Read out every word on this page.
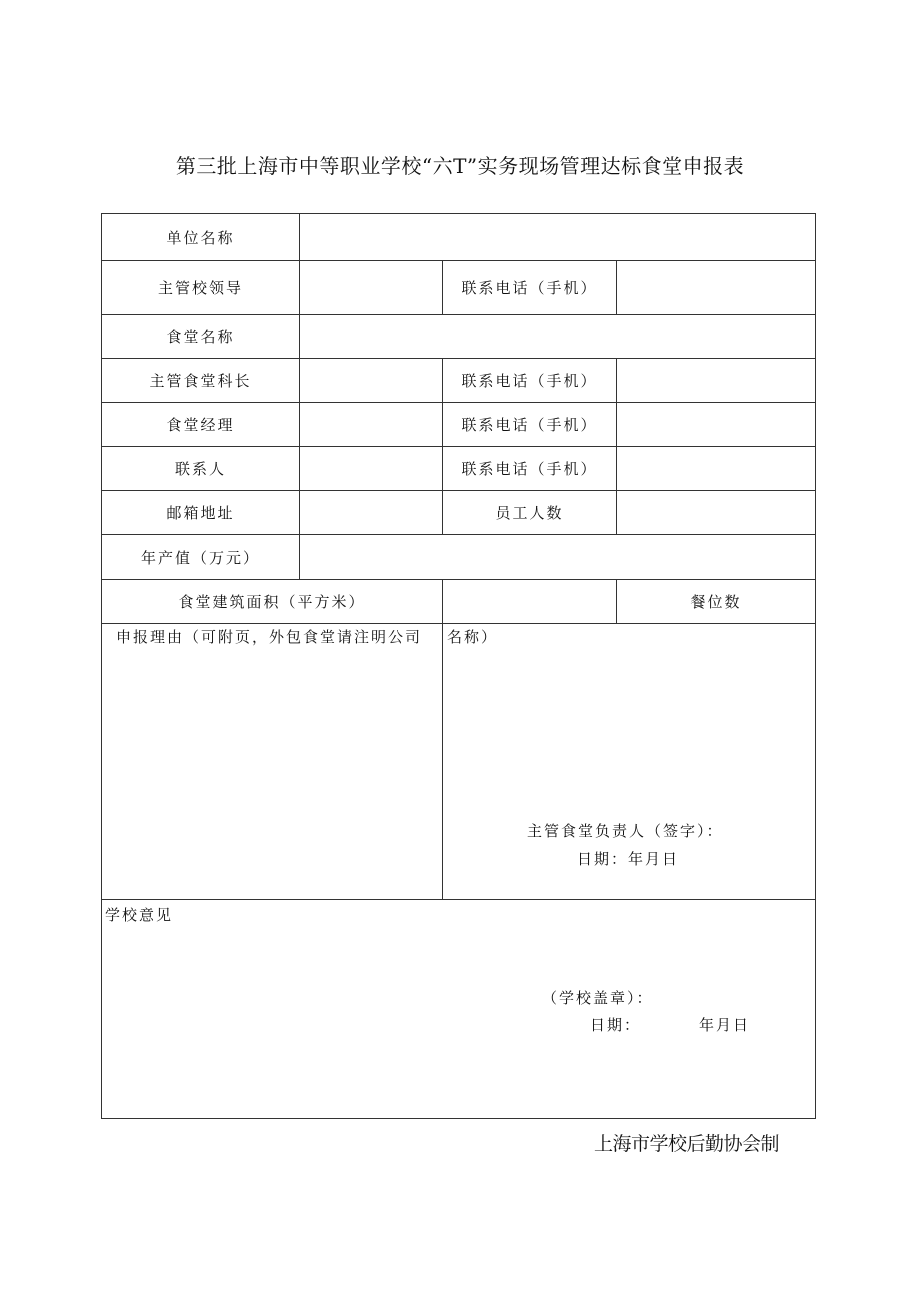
第三批上海市中等职业学校“六T”实务现场管理达标食堂申报表
单位名称			
主管校领导		联系电话（手机）	
食堂名称			
主管食堂科长		联系电话（手机）	
食堂经理		联系电话（手机）	
联系人		联系电话（手机）	
邮箱地址		员工人数	
年产值（万元）			
食堂建筑面积（平方米）			餐位数
申报理由（可附页，外包食堂请注明公司		名称）
主管食堂负责人（签字）：
日期：年月日	

学校意见
（学校盖章）：
日期： 年月日			
上海市学校后勤协会制
